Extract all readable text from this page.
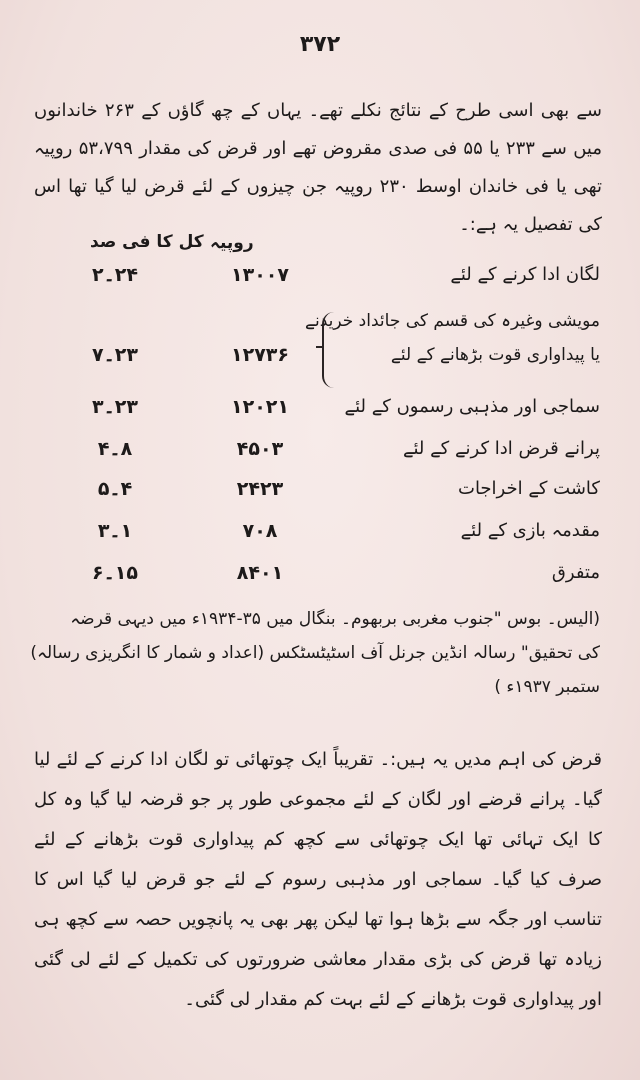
۳۷۲
سے بھی اسی طرح کے نتائج نکلے تھے۔ یہاں کے چھ گاؤں کے ۲۶۳ خاندانوں میں سے ۲۳۳ یا ۵۵ فی صدی مقروض تھے اور قرض کی مقدار ۵۳،۷۹۹ روپیہ تھی یا فی خاندان اوسط ۲۳۰ روپیہ جن چیزوں کے لئے قرض لیا گیا تھا اس کی تفصیل یہ ہے:۔
کل کا فی صد روپیہ
لگان ادا کرنے کے لئے
۱۳۰۰۷
۲۴۔۲
مویشی وغیرہ کی قسم کی جائداد خریدنے
یا پیداواری قوت بڑھانے کے لئے
۱۲۷۳۶
۲۳۔۷
سماجی اور مذہبی رسموں کے لئے
۱۲۰۲۱
۲۳۔۳
پرانے قرض ادا کرنے کے لئے
۴۵۰۳
۸۔۴
کاشت کے اخراجات
۲۴۲۳
۴۔۵
مقدمہ بازی کے لئے
۷۰۸
۱۔۳
متفرق
۸۴۰۱
۱۵۔۶
(الیس۔ بوس "جنوب مغربی بربھوم۔ بنگال میں ۳۵-۱۹۳۴ء میں دیہی قرضہ
کی تحقیق" رسالہ انڈین جرنل آف اسٹیٹسٹکس (اعداد و شمار کا انگریزی رسالہ)
ستمبر ۱۹۳۷ء )
قرض کی اہم مدیں یہ ہیں:۔ تقریباً ایک چوتھائی تو لگان ادا کرنے کے لئے لیا گیا۔ پرانے قرضے اور لگان کے لئے مجموعی طور پر جو قرضہ لیا گیا وہ کل کا ایک تہائی تھا ایک چوتھائی سے کچھ کم پیداواری قوت بڑھانے کے لئے صرف کیا گیا۔ سماجی اور مذہبی رسوم کے لئے جو قرض لیا گیا اس کا تناسب اور جگہ سے بڑھا ہوا تھا لیکن پھر بھی یہ پانچویں حصہ سے کچھ ہی زیادہ تھا قرض کی بڑی مقدار معاشی ضرورتوں کی تکمیل کے لئے لی گئی اور پیداواری قوت بڑھانے کے لئے بہت کم مقدار لی گئی۔
